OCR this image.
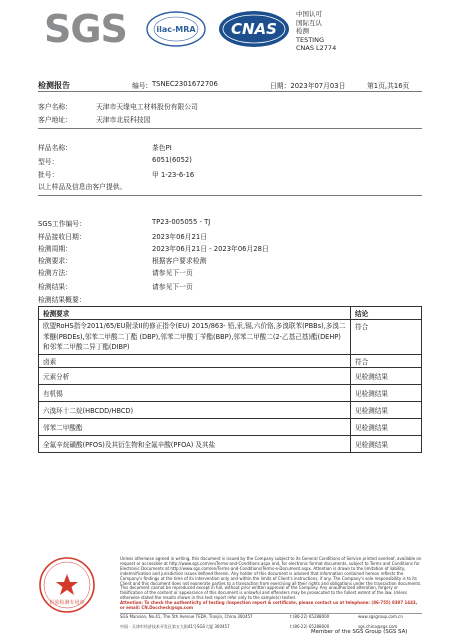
SGS	ilac-MRA CNAS
中国认可
国际互认
检测
TESTING
CNAS L2774
检测报告	编号: TSNEC2301672706	日期：2023年07月03日	第1页,共16页
客户名称：	天津市天缘电工材料股份有限公司
客户地址：	天津市北辰科技园
样品名称：	茶色PI
型号：	6051(6052)
批号：	甲 1-23-6-16
以上样品及信息由客户提供。
SGS工作编号：	TP23-005055 - TJ
样品接收日期：	2023年06月21日
检测周期：	2023年06月21日 - 2023年06月28日
检测要求：	根据客户要求检测
检测方法：	请参见下一页
检测结果：	请参见下一页
检测结果概要：
检测要求	结论
欧盟RoHS指令2011/65/EU附录II的修正指令(EU) 2015/863- 铅,汞,镉,六价铬,多溴联苯(PBBs),多溴二苯醚(PBDEs),邻苯二甲酸二丁酯 (DBP),邻苯二甲酸丁苄酯(BBP),邻苯二甲酸二(2-乙基己基)酯(DEHP)和邻苯二甲酸二异丁酯(DIBP)	符合
卤素	符合
元素分析	见检测结果
有机锡	见检测结果
六溴环十二烷(HBCDD/HBCD)	见检测结果
邻苯二甲酸酯	见检测结果
全氟辛烷磺酸(PFOS)及其衍生物和全氟辛酸(PFOA) 及其盐	见检测结果
检验检测专用章
Unless otherwise agreed in writing, this document is issued by the Company subject to its General Conditions of Service printed overleaf, available on request or accessible at http://www.sgs.com/en/Terms-and-Conditions.aspx and, for electronic format documents, subject to Terms and Conditions for Electronic Documents at http://www.sgs.com/en/Terms-and-Conditions/Terms-e-Document.aspx. Attention is drawn to the limitation of liability, indemnification and jurisdiction issues defined therein. Any holder of this document is advised that information contained hereon reflects the Company's findings at the time of its intervention only and within the limits of Client's instructions, if any. The Company's sole responsibility is to its Client and this document does not exonerate parties to a transaction from exercising all their rights and obligations under the transaction documents. This document cannot be reproduced except in full, without prior written approval of the Company. Any unauthorized alteration, forgery or falsification of the content or appearance of this document is unlawful and offenders may be prosecuted to the fullest extent of the law. Unless otherwise stated the results shown in this test report refer only to the sample(s) tested.
Attention: To check the authenticity of testing /inspection report & certificate, please contact us at telephone: (86-755) 8307 1443, or email: CN.Doccheck@sgs.com
SGS Mansion, No.41, The 5th Avenue TEDA, Tianjin, China 300457	t (86-22) 65288000	www.sgsgroup.com.cn
中国 · 天津市经济技术开发区第五大街41号SGS大厦 300457	t (86-22) 65288000	sgs.china@sgs.com
Member of the SGS Group (SGS SA)
